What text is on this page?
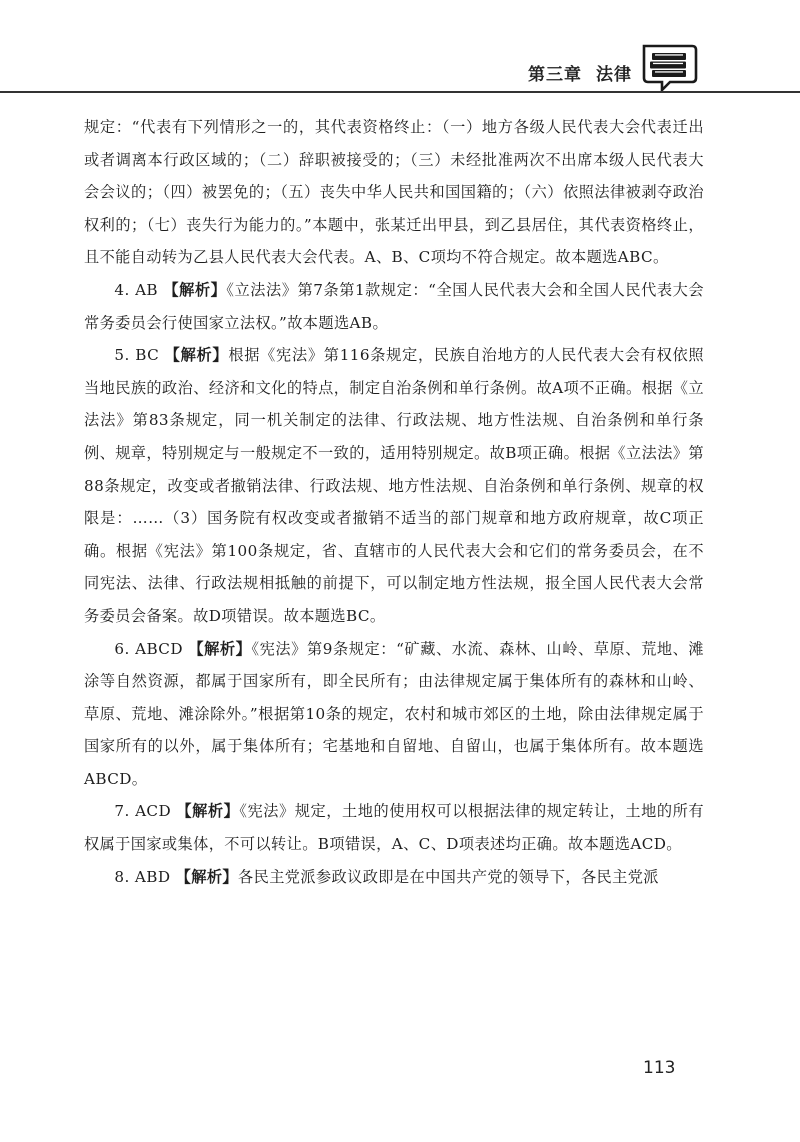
第三章 法律

规定：“代表有下列情形之一的，其代表资格终止：（一）地方各级人民代表大会代表迁出或者调离本行政区域的；（二）辞职被接受的；（三）未经批准两次不出席本级人民代表大会会议的；（四）被罢免的；（五）丧失中华人民共和国国籍的；（六）依照法律被剥夺政治权利的；（七）丧失行为能力的。”本题中，张某迁出甲县，到乙县居住，其代表资格终止，且不能自动转为乙县人民代表大会代表。A、B、C项均不符合规定。故本题选ABC。

4. AB 【解析】《立法法》第7条第1款规定：“全国人民代表大会和全国人民代表大会常务委员会行使国家立法权。”故本题选AB。

5. BC 【解析】根据《宪法》第116条规定，民族自治地方的人民代表大会有权依照当地民族的政治、经济和文化的特点，制定自治条例和单行条例。故A项不正确。根据《立法法》第83条规定，同一机关制定的法律、行政法规、地方性法规、自治条例和单行条例、规章，特别规定与一般规定不一致的，适用特别规定。故B项正确。根据《立法法》第88条规定，改变或者撤销法律、行政法规、地方性法规、自治条例和单行条例、规章的权限是：……（3）国务院有权改变或者撤销不适当的部门规章和地方政府规章，故C项正确。根据《宪法》第100条规定，省、直辖市的人民代表大会和它们的常务委员会，在不同宪法、法律、行政法规相抵触的前提下，可以制定地方性法规，报全国人民代表大会常务委员会备案。故D项错误。故本题选BC。

6. ABCD 【解析】《宪法》第9条规定：“矿藏、水流、森林、山岭、草原、荒地、滩涂等自然资源，都属于国家所有，即全民所有；由法律规定属于集体所有的森林和山岭、草原、荒地、滩涂除外。”根据第10条的规定，农村和城市郊区的土地，除由法律规定属于国家所有的以外，属于集体所有；宅基地和自留地、自留山，也属于集体所有。故本题选ABCD。

7. ACD 【解析】《宪法》规定，土地的使用权可以根据法律的规定转让，土地的所有权属于国家或集体，不可以转让。B项错误，A、C、D项表述均正确。故本题选ACD。

8. ABD 【解析】各民主党派参政议政即是在中国共产党的领导下，各民主党派

113
